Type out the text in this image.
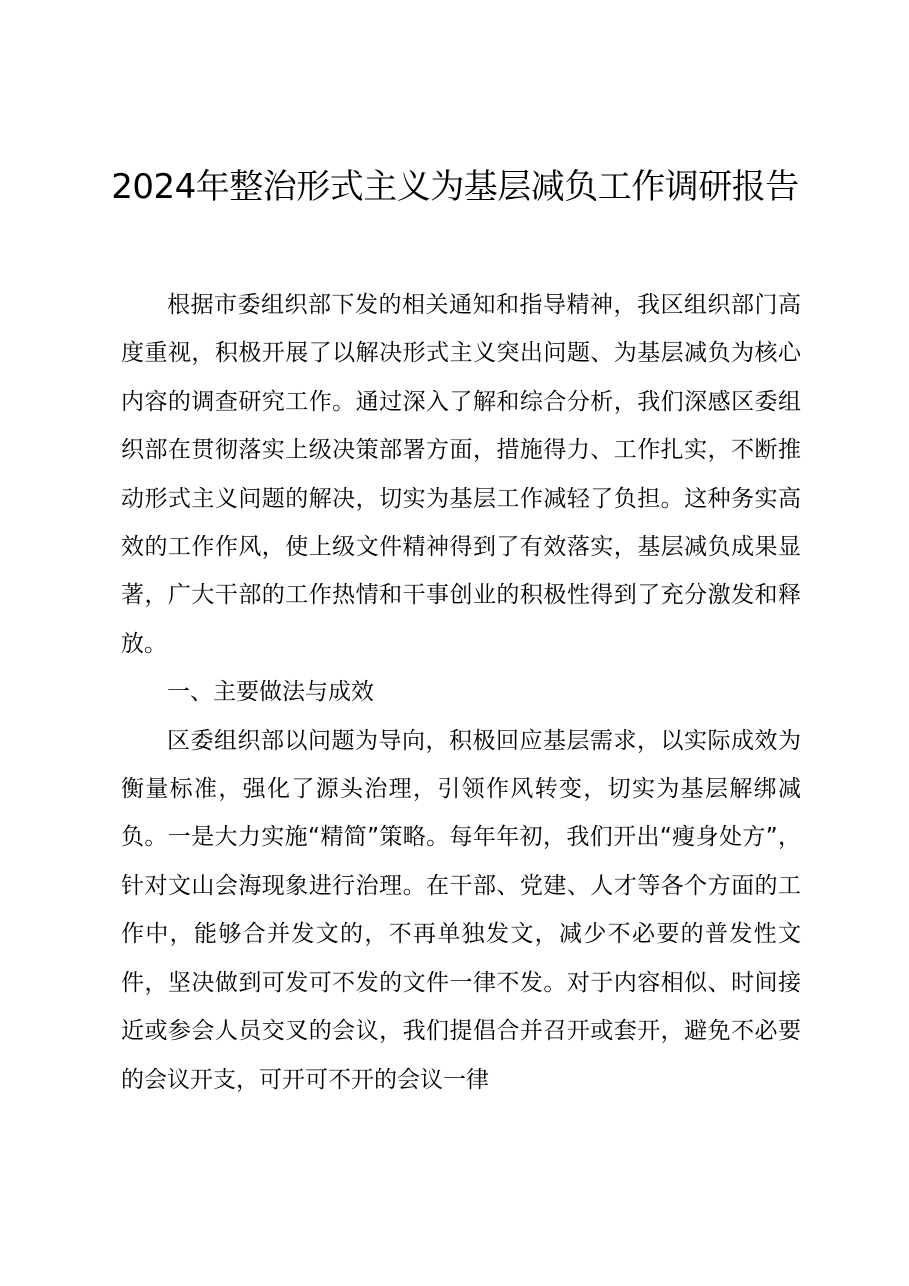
2024年整治形式主义为基层减负工作调研报告

根据市委组织部下发的相关通知和指导精神，我区组织部门高度重视，积极开展了以解决形式主义突出问题、为基层减负为核心内容的调查研究工作。通过深入了解和综合分析，我们深感区委组织部在贯彻落实上级决策部署方面，措施得力、工作扎实，不断推动形式主义问题的解决，切实为基层工作减轻了负担。这种务实高效的工作作风，使上级文件精神得到了有效落实，基层减负成果显著，广大干部的工作热情和干事创业的积极性得到了充分激发和释放。

一、主要做法与成效

区委组织部以问题为导向，积极回应基层需求，以实际成效为衡量标准，强化了源头治理，引领作风转变，切实为基层解绑减负。一是大力实施“精简”策略。每年年初，我们开出“瘦身处方”，针对文山会海现象进行治理。在干部、党建、人才等各个方面的工作中，能够合并发文的，不再单独发文，减少不必要的普发性文件，坚决做到可发可不发的文件一律不发。对于内容相似、时间接近或参会人员交叉的会议，我们提倡合并召开或套开，避免不必要的会议开支，可开可不开的会议一律
